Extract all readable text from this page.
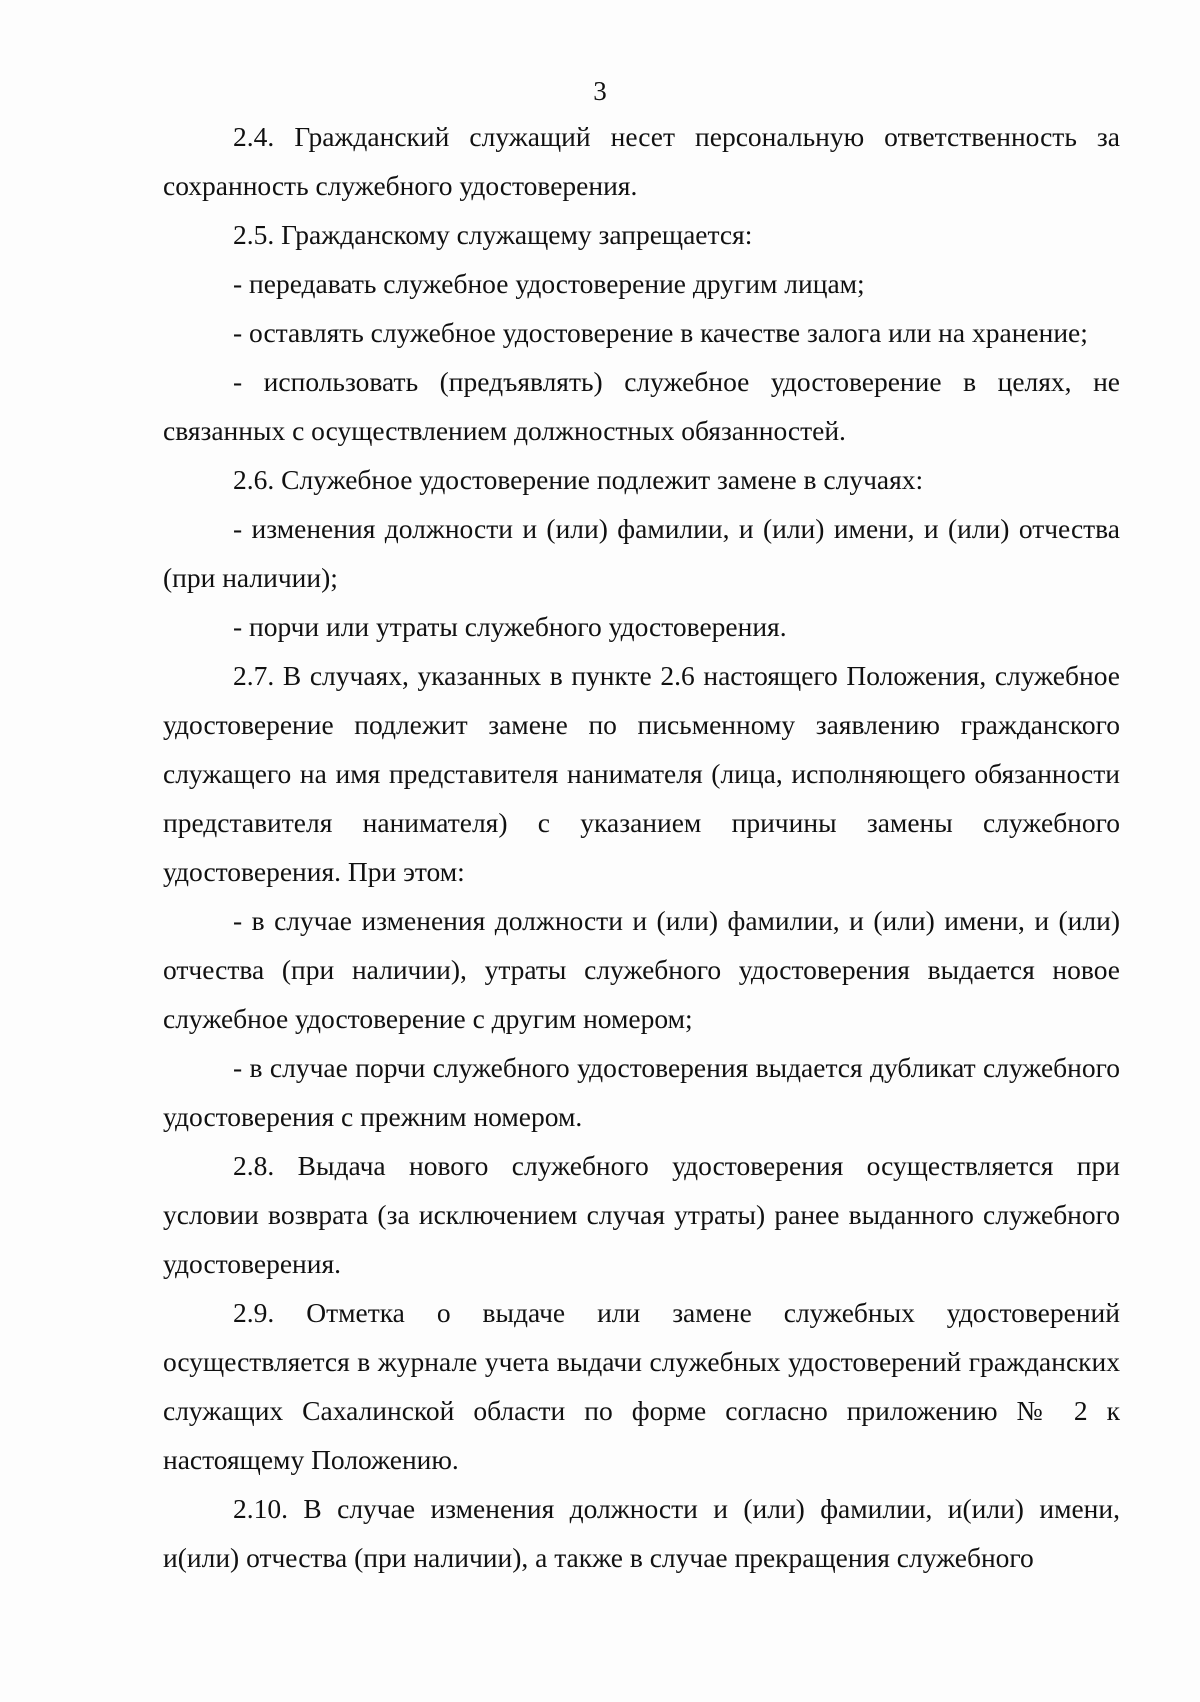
3

2.4. Гражданский служащий несет персональную ответственность за сохранность служебного удостоверения.

2.5. Гражданскому служащему запрещается:

- передавать служебное удостоверение другим лицам;

- оставлять служебное удостоверение в качестве залога или на хранение;

- использовать (предъявлять) служебное удостоверение в целях, не связанных с осуществлением должностных обязанностей.

2.6. Служебное удостоверение подлежит замене в случаях:

- изменения должности и (или) фамилии, и (или) имени, и (или) отчества (при наличии);

- порчи или утраты служебного удостоверения.

2.7. В случаях, указанных в пункте 2.6 настоящего Положения, служебное удостоверение подлежит замене по письменному заявлению гражданского служащего на имя представителя нанимателя (лица, исполняющего обязанности представителя нанимателя) с указанием причины замены служебного удостоверения. При этом:

- в случае изменения должности и (или) фамилии, и (или) имени, и (или) отчества (при наличии), утраты служебного удостоверения выдается новое служебное удостоверение с другим номером;

- в случае порчи служебного удостоверения выдается дубликат служебного удостоверения с прежним номером.

2.8. Выдача нового служебного удостоверения осуществляется при условии возврата (за исключением случая утраты) ранее выданного служебного удостоверения.

2.9. Отметка о выдаче или замене служебных удостоверений осуществляется в журнале учета выдачи служебных удостоверений гражданских служащих Сахалинской области по форме согласно приложению № 2 к настоящему Положению.

2.10. В случае изменения должности и (или) фамилии, и(или) имени, и(или) отчества (при наличии), а также в случае прекращения служебного
